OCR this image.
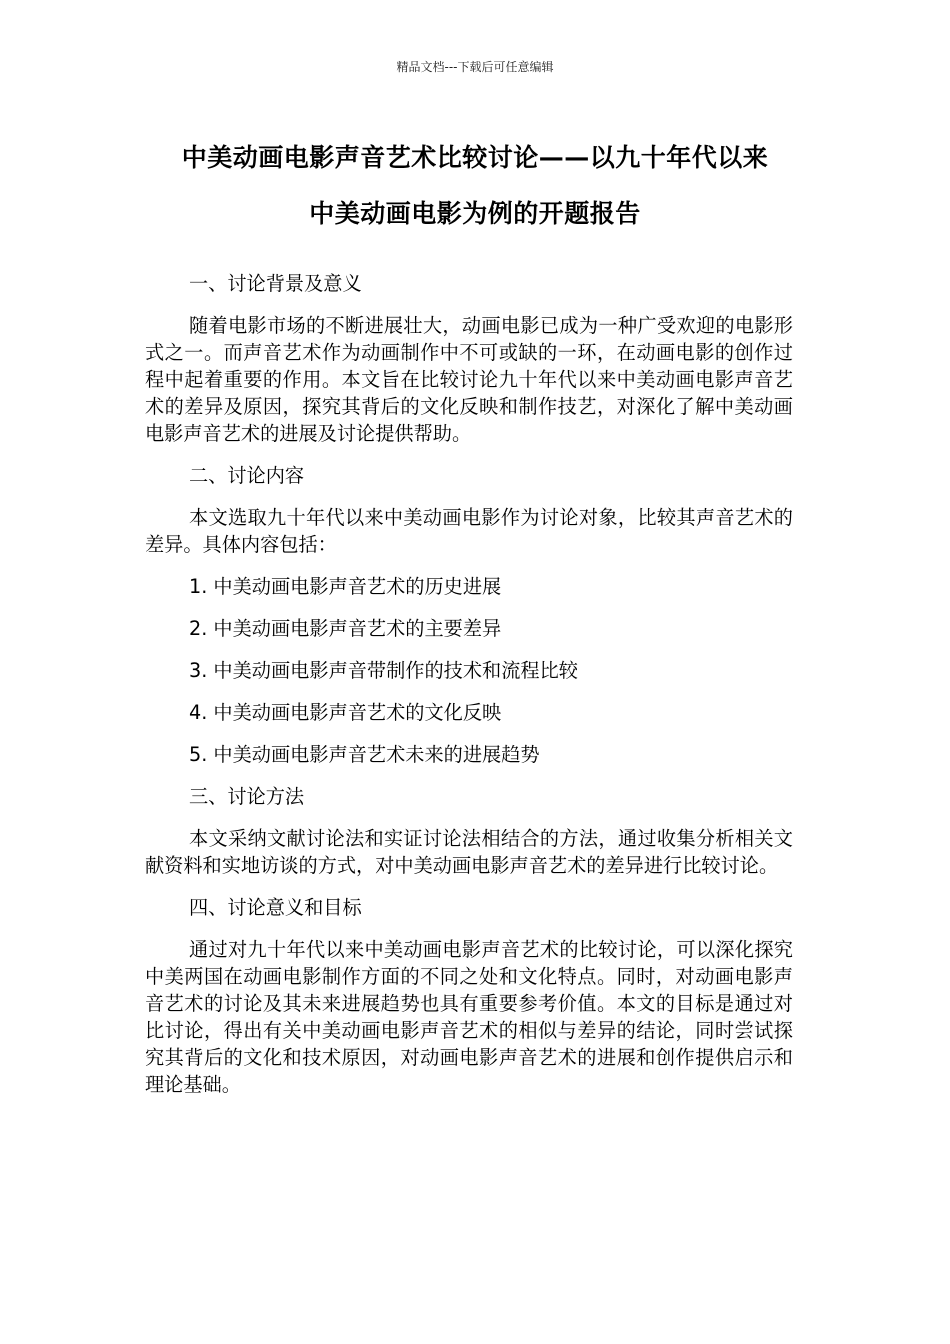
精品文档---下载后可任意编辑
中美动画电影声音艺术比较讨论——以九十年代以来
中美动画电影为例的开题报告

一、讨论背景及意义

随着电影市场的不断进展壮大，动画电影已成为一种广受欢迎的电影形式之一。而声音艺术作为动画制作中不可或缺的一环，在动画电影的创作过程中起着重要的作用。本文旨在比较讨论九十年代以来中美动画电影声音艺术的差异及原因，探究其背后的文化反映和制作技艺，对深化了解中美动画电影声音艺术的进展及讨论提供帮助。

二、讨论内容

本文选取九十年代以来中美动画电影作为讨论对象，比较其声音艺术的差异。具体内容包括：

1. 中美动画电影声音艺术的历史进展

2. 中美动画电影声音艺术的主要差异

3. 中美动画电影声音带制作的技术和流程比较

4. 中美动画电影声音艺术的文化反映

5. 中美动画电影声音艺术未来的进展趋势

三、讨论方法

本文采纳文献讨论法和实证讨论法相结合的方法，通过收集分析相关文献资料和实地访谈的方式，对中美动画电影声音艺术的差异进行比较讨论。

四、讨论意义和目标

通过对九十年代以来中美动画电影声音艺术的比较讨论，可以深化探究中美两国在动画电影制作方面的不同之处和文化特点。同时，对动画电影声音艺术的讨论及其未来进展趋势也具有重要参考价值。本文的目标是通过对比讨论，得出有关中美动画电影声音艺术的相似与差异的结论，同时尝试探究其背后的文化和技术原因，对动画电影声音艺术的进展和创作提供启示和理论基础。
